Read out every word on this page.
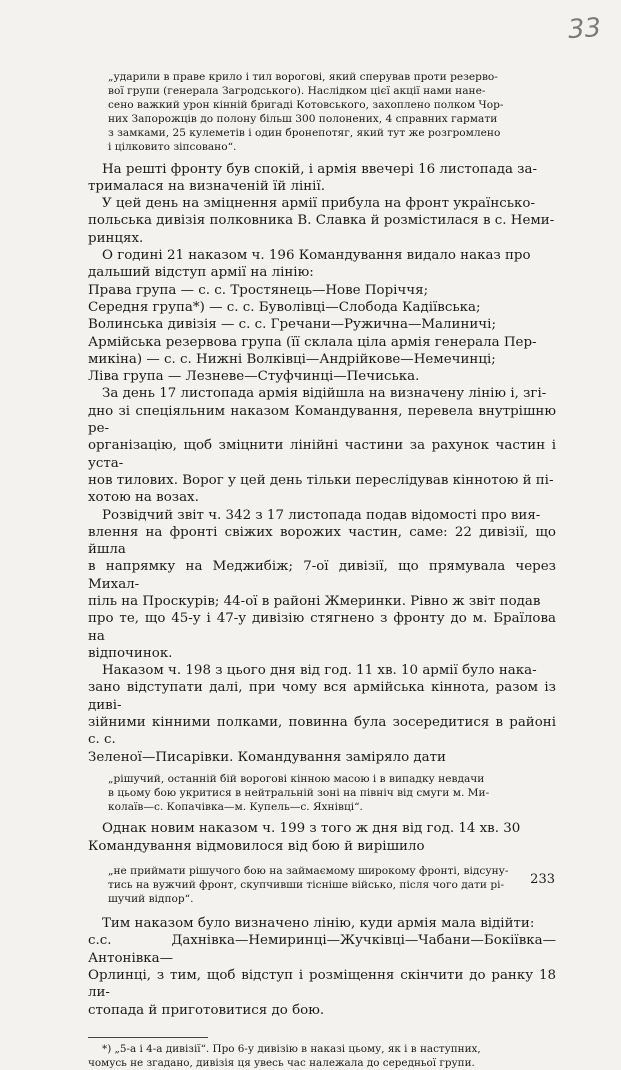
33

„ударили в праве крило і тил ворогові, який сперував проти резерво-

вої групи (генерала Загродського). Наслідком цієї акції нами нане-

сено важкий урон кінній бригаді Котовського, захоплено полком Чор-

них Запорожців до полону більш 300 полонених, 4 справних гармати

з замками, 25 кулеметів і один бронепотяг, який тут же розгромлено

і цілковито зіпсовано“.

На решті фронту був спокій, і армія ввечері 16 листопада за-

трималася на визначеній їй лінії.

У цей день на зміцнення армії прибула на фронт українсько-

польська дивізія полковника В. Славка й розмістилася в с. Неми-

ринцях.

О годині 21 наказом ч. 196 Командування видало наказ про

дальший відступ армії на лінію:

Права група — с. с. Тростянець—Нове Поріччя;

Середня група*) — с. с. Буволівці—Слобода Кадіївська;

Волинська дивізія — с. с. Гречани—Ружична—Малиничі;

Армійська резервова група (її склала ціла армія генерала Пер-

микіна) — с. с. Нижні Волківці—Андрійкове—Немечинці;

Ліва група — Лезневе—Стуфчинці—Печиська.

За день 17 листопада армія відійшла на визначену лінію і, згі-

дно зі спеціяльним наказом Командування, перевела внутрішню ре-

організацію, щоб зміцнити лінійні частини за рахунок частин і уста-

нов тилових. Ворог у цей день тільки переслідував кіннотою й пі-

хотою на возах.

Розвідчий звіт ч. 342 з 17 листопада подав відомості про вия-

влення на фронті свіжих ворожих частин, саме: 22 дивізії, що йшла

в напрямку на Меджибіж; 7-ої дивізії, що прямувала через Михал-

піль на Проскурів; 44-ої в районі Жмеринки. Рівно ж звіт подав

про те, що 45-у і 47-у дивізію стягнено з фронту до м. Браїлова на

відпочинок.

Наказом ч. 198 з цього дня від год. 11 хв. 10 армії було нака-

зано відступати далі, при чому вся армійська кіннота, разом із диві-

зійними кінними полками, повинна була зосередитися в районі с. с.

Зеленої—Писарівки. Командування заміряло дати

„рішучий, останній бій ворогові кінною масою і в випадку невдачи

в цьому бою укритися в нейтральній зоні на північ від смуги м. Ми-

колаїв—с. Копачівка—м. Купель—с. Яхнівці“.

Однак новим наказом ч. 199 з того ж дня від год. 14 хв. 30

Командування відмовилося від бою й вирішило

„не приймати рішучого бою на займаємому широкому фронті, відсуну-

тись на вужчий фронт, скупчивши тісніше військо, після чого дати рі-

шучий відпор“.

Тим наказом було визначено лінію, куди армія мала відійти:

с.с. Дахнівка—Немиринці—Жучківці—Чабани—Бокіївка—Антонівка—

Орлинці, з тим, щоб відступ і розміщення скінчити до ранку 18 ли-

стопада й приготовитися до бою.

*) „5-а і 4-а дивізії“. Про 6-у дивізію в наказі цьому, як і в наступних,

чомусь не згадано, дивізія ця увесь час належала до середньої групи.

233
